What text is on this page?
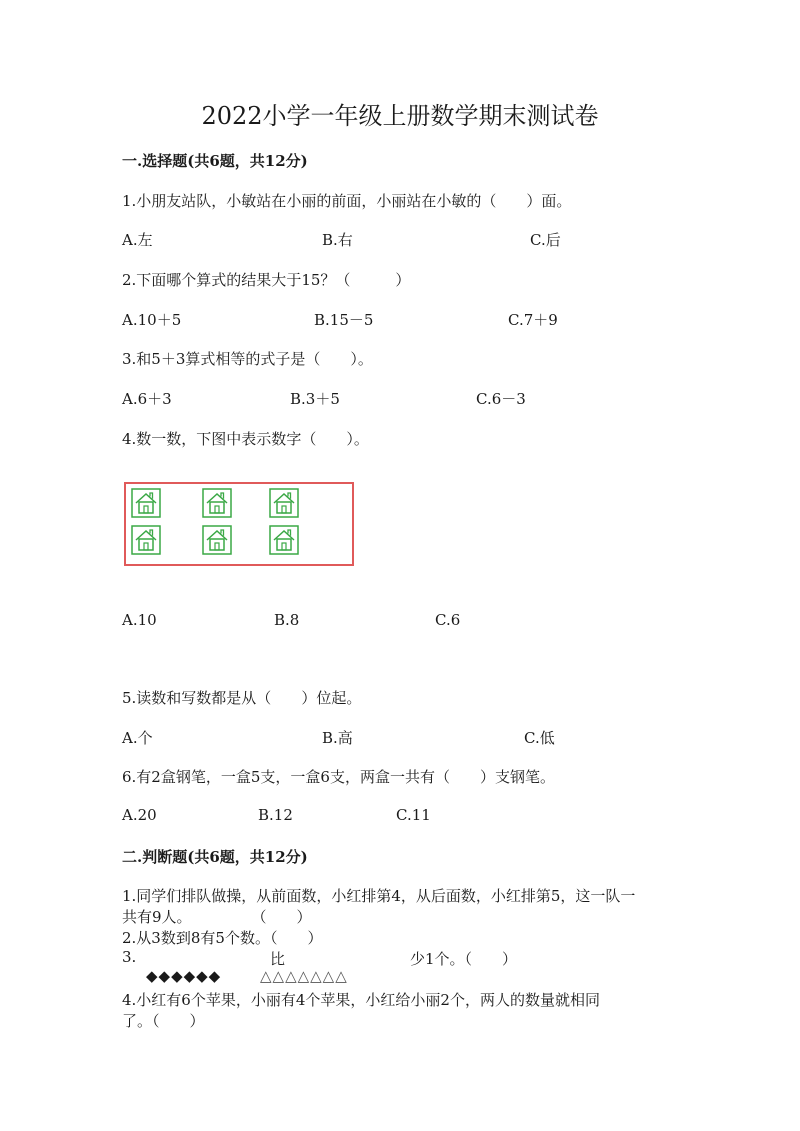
2022小学一年级上册数学期末测试卷
一.选择题(共6题，共12分)
1.小朋友站队，小敏站在小丽的前面，小丽站在小敏的（　　）面。
A.左	B.右	C.后
2.下面哪个算式的结果大于15？（　　　）
A.10＋5	B.15－5	C.7＋9
3.和5＋3算式相等的式子是（　　）。
A.6＋3	B.3＋5	C.6－3
4.数一数，下图中表示数字（　　）。
A.10	B.8	C.6
5.读数和写数都是从（　　）位起。
A.个	B.高	C.低
6.有2盒钢笔，一盒5支，一盒6支，两盒一共有（　　）支钢笔。
A.20	B.12	C.11
二.判断题(共6题，共12分)
1.同学们排队做操，从前面数，小红排第4，从后面数，小红排第5，这一队一
共有9人。　　　　　（　　）
2.从3数到8有5个数。（　　）
3.	比	少1个。（　　）
◆◆◆◆◆◆	△△△△△△△
4.小红有6个苹果，小丽有4个苹果，小红给小丽2个，两人的数量就相同
了。（　　）
